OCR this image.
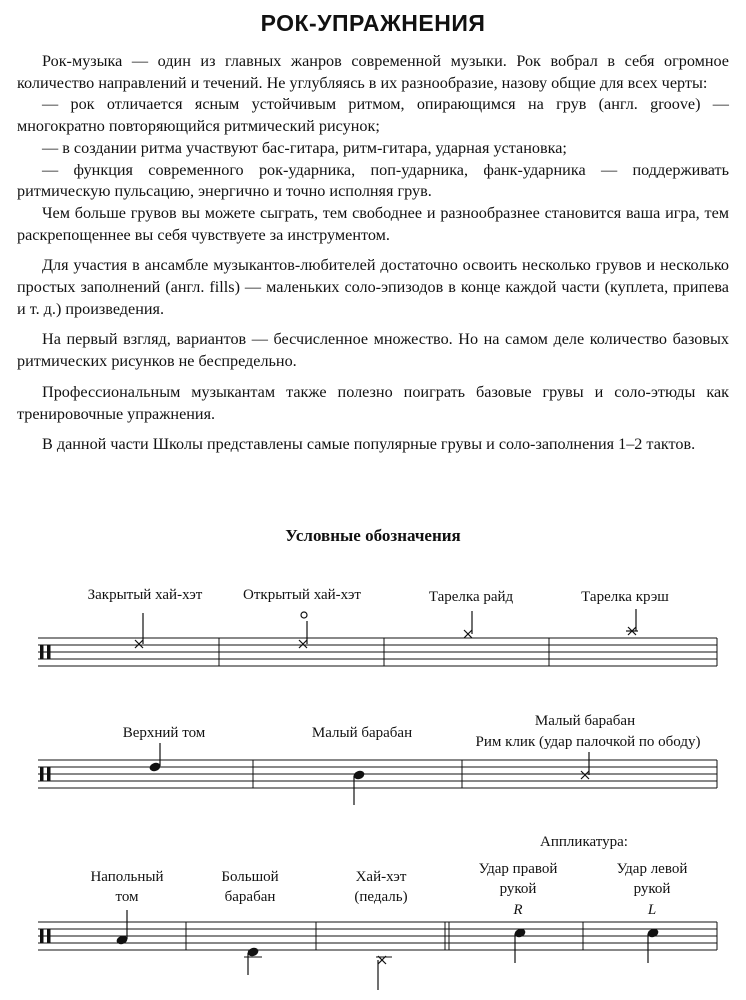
РОК-УПРАЖНЕНИЯ

Рок-музыка — один из главных жанров современной музыки. Рок вобрал в себя огромное количество направлений и течений. Не углубляясь в их разнообразие, назову общие для всех черты:

— рок отличается ясным устойчивым ритмом, опирающимся на грув (англ. groove) — многократно повторяющийся ритмический рисунок;

— в создании ритма участвуют бас-гитара, ритм-гитара, ударная установка;

— функция современного рок-ударника, поп-ударника, фанк-ударника — поддерживать ритмическую пульсацию, энергично и точно исполняя грув.

Чем больше грувов вы можете сыграть, тем свободнее и разнообразнее становится ваша игра, тем раскрепощеннее вы себя чувствуете за инструментом.

Для участия в ансамбле музыкантов-любителей достаточно освоить несколько грувов и несколько простых заполнений (англ. fills) — маленьких соло-эпизодов в конце каждой части (куплета, припева и т. д.) произведения.

На первый взгляд, вариантов — бесчисленное множество. Но на самом деле количество базовых ритмических рисунков не беспредельно.

Профессиональным музыкантам также полезно поиграть базовые грувы и соло-этюды как тренировочные упражнения.

В данной части Школы представлены самые популярные грувы и соло-заполнения 1–2 тактов.

Условные обозначения
Закрытый хай-хэт	Открытый хай-хэт	Тарелка райд	Тарелка крэш
Верхний том	Малый барабан
Малый барабан
Рим клик (удар палочкой по ободу)
Аппликатура:
Напольный
том
Большой
барабан
Хай-хэт
(педаль)
Удар правой
рукой
R
Удар левой
рукой
L
